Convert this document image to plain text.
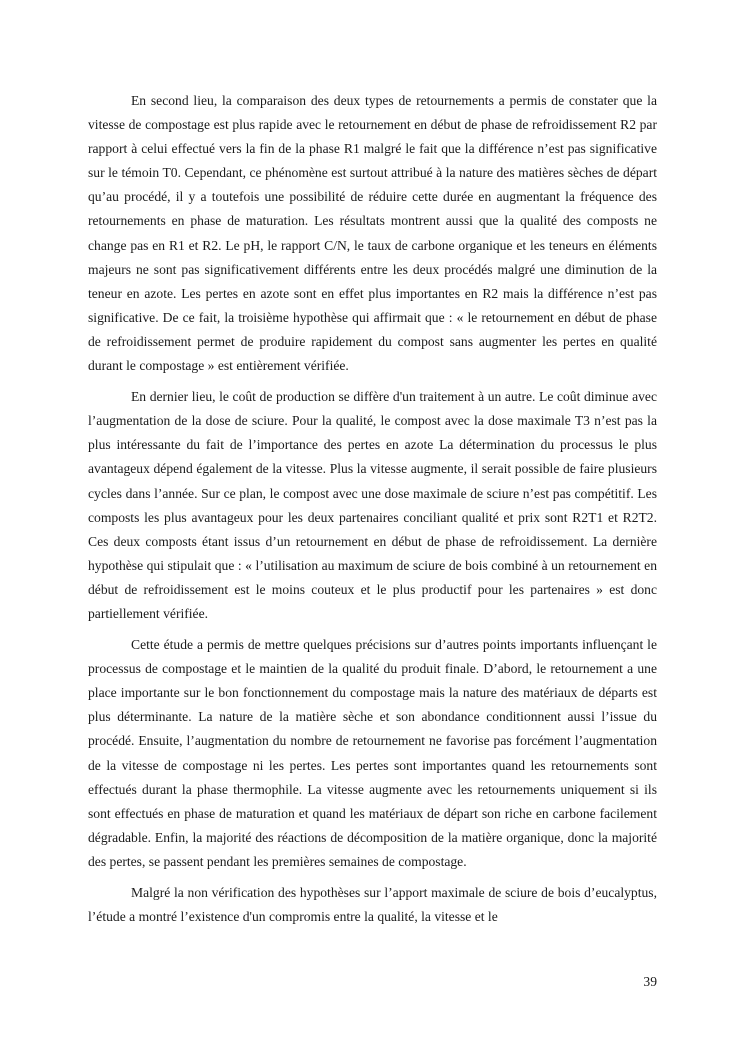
En second lieu, la comparaison des deux types de retournements a permis de constater que la vitesse de compostage est plus rapide avec le retournement en début de phase de refroidissement R2 par rapport à celui effectué vers la fin de la phase R1 malgré le fait que la différence n’est pas significative sur le témoin T0. Cependant, ce phénomène est surtout attribué à la nature des matières sèches de départ qu’au procédé, il y a toutefois une possibilité de réduire cette durée en augmentant la fréquence des retournements en phase de maturation. Les résultats montrent aussi que la qualité des composts ne change pas en R1 et R2. Le pH, le rapport C/N, le taux de carbone organique et les teneurs en éléments majeurs ne sont pas significativement différents entre les deux procédés malgré une diminution de la teneur en azote. Les pertes en azote sont en effet plus importantes en R2 mais la différence n’est pas significative. De ce fait, la troisième hypothèse qui affirmait que : « le retournement en début de phase de refroidissement permet de produire rapidement du compost sans augmenter les pertes en qualité durant le compostage » est entièrement vérifiée.

En dernier lieu, le coût de production se diffère d'un traitement à un autre. Le coût diminue avec l’augmentation de la dose de sciure. Pour la qualité, le compost avec la dose maximale T3 n’est pas la plus intéressante du fait de l’importance des pertes en azote La détermination du processus le plus avantageux dépend également de la vitesse. Plus la vitesse augmente, il serait possible de faire plusieurs cycles dans l’année. Sur ce plan, le compost avec une dose maximale de sciure n’est pas compétitif. Les composts les plus avantageux pour les deux partenaires conciliant qualité et prix sont R2T1 et R2T2. Ces deux composts étant issus d’un retournement en début de phase de refroidissement. La dernière hypothèse qui stipulait que : « l’utilisation au maximum de sciure de bois combiné à un retournement en début de refroidissement est le moins couteux et le plus productif pour les partenaires » est donc partiellement vérifiée.

Cette étude a permis de mettre quelques précisions sur d’autres points importants influençant le processus de compostage et le maintien de la qualité du produit finale. D’abord, le retournement a une place importante sur le bon fonctionnement du compostage mais la nature des matériaux de départs est plus déterminante. La nature de la matière sèche et son abondance conditionnent aussi l’issue du procédé. Ensuite, l’augmentation du nombre de retournement ne favorise pas forcément l’augmentation de la vitesse de compostage ni les pertes. Les pertes sont importantes quand les retournements sont effectués durant la phase thermophile. La vitesse augmente avec les retournements uniquement si ils sont effectués en phase de maturation et quand les matériaux de départ son riche en carbone facilement dégradable. Enfin, la majorité des réactions de décomposition de la matière organique, donc la majorité des pertes, se passent pendant les premières semaines de compostage.

Malgré la non vérification des hypothèses sur l’apport maximale de sciure de bois d’eucalyptus, l’étude a montré l’existence d'un compromis entre la qualité, la vitesse et le

39
